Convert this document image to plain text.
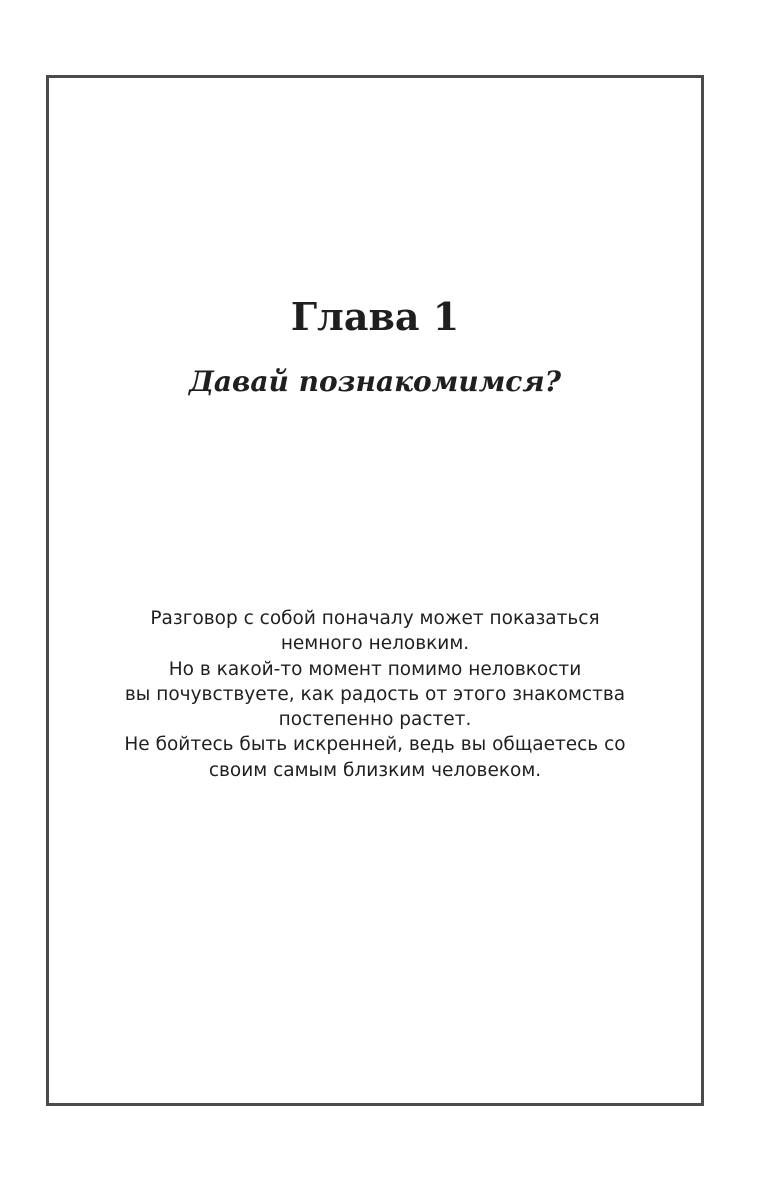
Глава 1
Давай познакомимся?

Разговор с собой поначалу может показаться
немного неловким.
Но в какой-то момент помимо неловкости
вы почувствуете, как радость от этого знакомства
постепенно растет.
Не бойтесь быть искренней, ведь вы общаетесь со
своим самым близким человеком.
